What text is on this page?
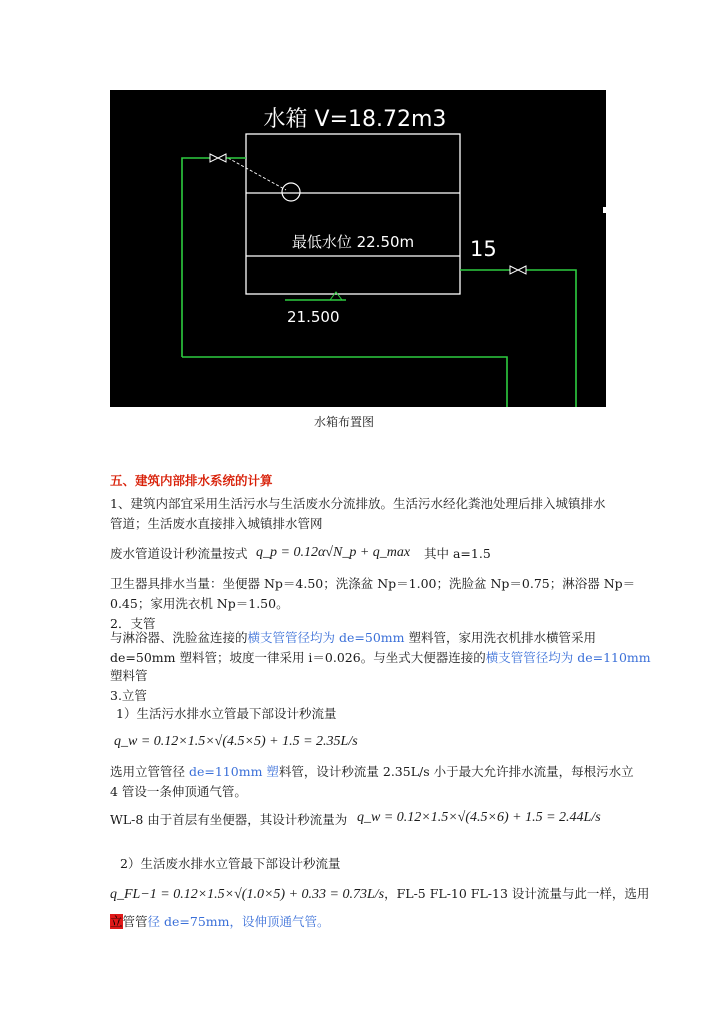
水箱 V=18.72m3
最低水位 22.50m	15
21.500
水箱布置图
五、建筑内部排水系统的计算
1、建筑内部宜采用生活污水与生活废水分流排放。生活污水经化粪池处理后排入城镇排水
管道；生活废水直接排入城镇排水管网
废水管道设计秒流量按式 q_p = 0.12α√N_p + q_max 其中 a=1.5
卫生器具排水当量：坐便器 Np＝4.50；洗涤盆 Np＝1.00；洗脸盆 Np＝0.75；淋浴器 Np＝
0.45；家用洗衣机 Np＝1.50。
2．支管
与淋浴器、洗脸盆连接的横支管管径均为 de=50mm 塑料管，家用洗衣机排水横管采用
de=50mm 塑料管；坡度一律采用 i＝0.026。与坐式大便器连接的横支管管径均为 de=110mm
塑料管
3.立管
1）生活污水排水立管最下部设计秒流量
q_w = 0.12×1.5×√(4.5×5) + 1.5 = 2.35L/s
选用立管管径 de=110mm 塑料管，设计秒流量 2.35L/s 小于最大允许排水流量，每根污水立
4 管设一条伸顶通气管。
WL-8 由于首层有坐便器，其设计秒流量为 q_w = 0.12×1.5×√(4.5×6) + 1.5 = 2.44L/s
2）生活废水排水立管最下部设计秒流量
q_FL−1 = 0.12×1.5×√(1.0×5) + 0.33 = 0.73L/s，FL-5 FL-10 FL-13 设计流量与此一样，选用
立管管径 de=75mm，设伸顶通气管。
